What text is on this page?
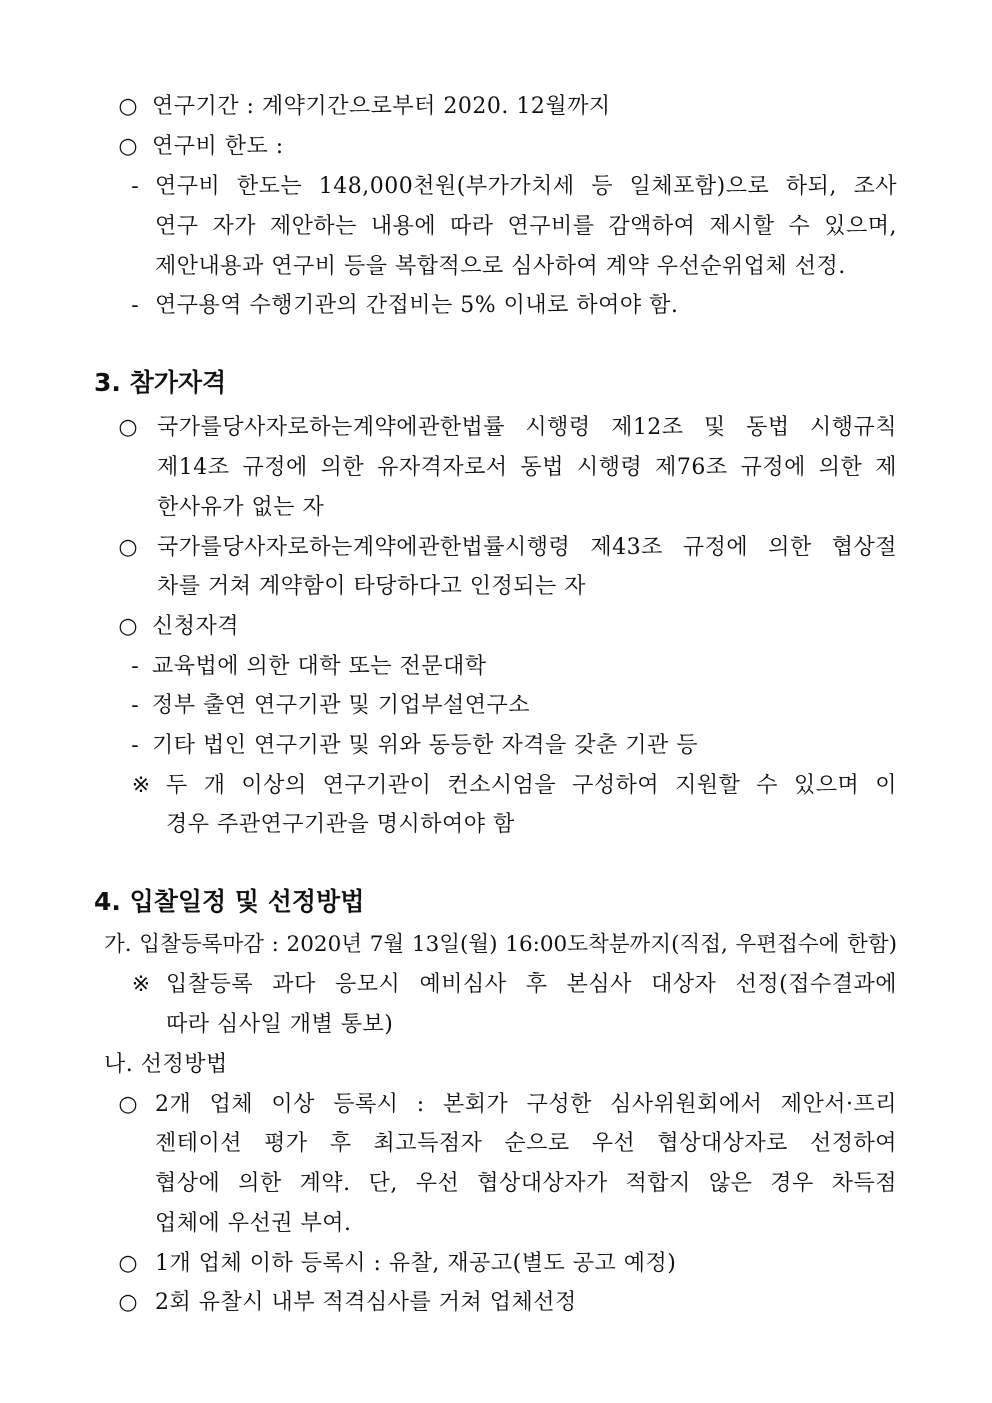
○ 연구기간 : 계약기간으로부터 2020. 12월까지
○ 연구비 한도 :
- 연구비 한도는 148,000천원(부가가치세 등 일체포함)으로 하되, 조사
연구 자가 제안하는 내용에 따라 연구비를 감액하여 제시할 수 있으며,
제안내용과 연구비 등을 복합적으로 심사하여 계약 우선순위업체 선정.
- 연구용역 수행기관의 간접비는 5% 이내로 하여야 함.
3. 참가자격
○ 국가를당사자로하는계약에관한법률 시행령 제12조 및 동법 시행규칙
제14조 규정에 의한 유자격자로서 동법 시행령 제76조 규정에 의한 제
한사유가 없는 자
○ 국가를당사자로하는계약에관한법률시행령 제43조 규정에 의한 협상절
차를 거쳐 계약함이 타당하다고 인정되는 자
○ 신청자격
- 교육법에 의한 대학 또는 전문대학
- 정부 출연 연구기관 및 기업부설연구소
- 기타 법인 연구기관 및 위와 동등한 자격을 갖춘 기관 등
※ 두 개 이상의 연구기관이 컨소시엄을 구성하여 지원할 수 있으며 이
경우 주관연구기관을 명시하여야 함
4. 입찰일정 및 선정방법
가. 입찰등록마감 : 2020년 7월 13일(월) 16:00도착분까지(직접, 우편접수에 한함)
※ 입찰등록 과다 응모시 예비심사 후 본심사 대상자 선정(접수결과에
따라 심사일 개별 통보)
나. 선정방법
○ 2개 업체 이상 등록시 : 본회가 구성한 심사위원회에서 제안서·프리
젠테이션 평가 후 최고득점자 순으로 우선 협상대상자로 선정하여
협상에 의한 계약. 단, 우선 협상대상자가 적합지 않은 경우 차득점
업체에 우선권 부여.
○ 1개 업체 이하 등록시 : 유찰, 재공고(별도 공고 예정)
○ 2회 유찰시 내부 적격심사를 거쳐 업체선정
